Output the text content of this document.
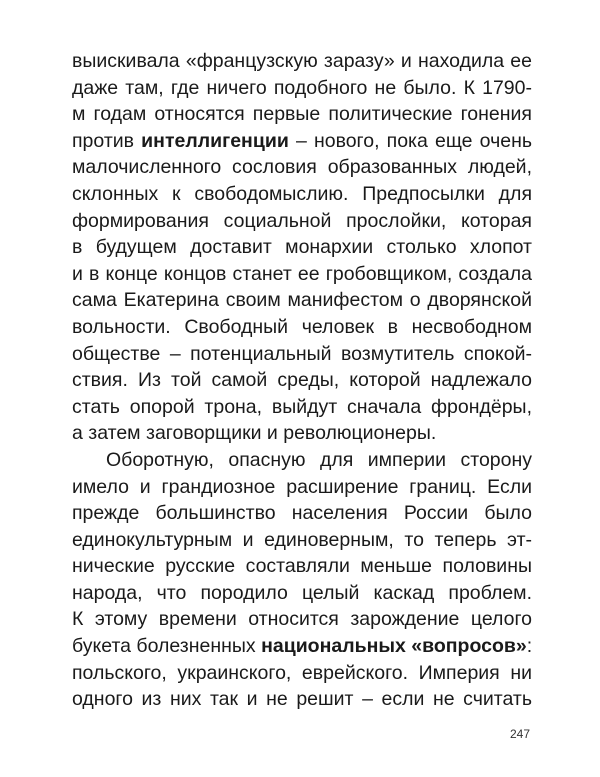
выискивала «французскую заразу» и находила ее
даже там, где ничего подобного не было. К 1790-
м годам относятся первые политические гонения
против интеллигенции – нового, пока еще очень
малочисленного сословия образованных людей,
склонных к свободомыслию. Предпосылки для
формирования социальной прослойки, которая
в будущем доставит монархии столько хлопот
и в конце концов станет ее гробовщиком, создала
сама Екатерина своим манифестом о дворянской
вольности. Свободный человек в несвободном
обществе – потенциальный возмутитель спокой-
ствия. Из той самой среды, которой надлежало
стать опорой трона, выйдут сначала фрондёры,
а затем заговорщики и революционеры.
Оборотную, опасную для империи сторону
имело и грандиозное расширение границ. Если
прежде большинство населения России было
единокультурным и единоверным, то теперь эт-
нические русские составляли меньше половины
народа, что породило целый каскад проблем.
К этому времени относится зарождение целого
букета болезненных национальных «вопросов»:
польского, украинского, еврейского. Империя ни
одного из них так и не решит – если не считать
247
